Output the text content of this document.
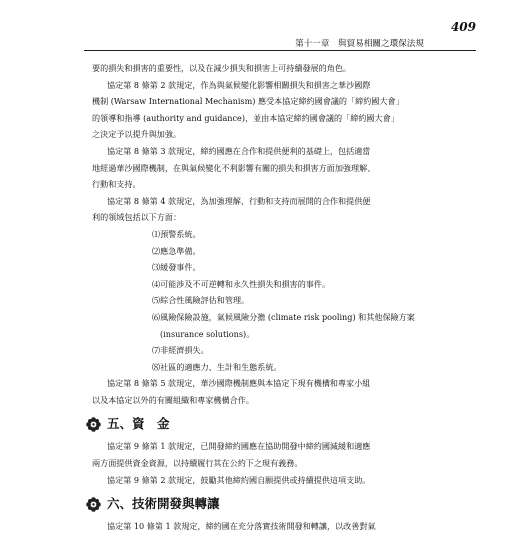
409
第十一章　與貿易相關之環保法規

要的損失和損害的重要性，以及在減少損失和損害上可持續發展的角色。

協定第 8 條第 2 款規定，作為與氣候變化影響相關損失和損害之華沙國際

機制 (Warsaw International Mechanism) 應受本協定締約國會議的「締約國大會」

的領導和指導 (authority and guidance)，並由本協定締約國會議的「締約國大會」

之決定予以提升與加強。

協定第 8 條第 3 款規定，締約國應在合作和提供便利的基礎上，包括適當

地經過華沙國際機制，在與氣候變化不利影響有關的損失和損害方面加強理解、

行動和支持。

協定第 8 條第 4 款規定，為加強理解、行動和支持而展開的合作和提供便

利的領域包括以下方面：

⑴預警系統。

⑵應急準備。

⑶緩發事件。

⑷可能涉及不可逆轉和永久性損失和損害的事件。

⑸綜合性風險評估和管理。

⑹風險保險設施，氣候風險分擔 (climate risk pooling) 和其他保險方案

(insurance solutions)。

⑺非經濟損失。

⑻社區的適應力、生計和生態系統。

協定第 8 條第 5 款規定，華沙國際機制應與本協定下現有機構和專家小組

以及本協定以外的有關組織和專家機構合作。

五、資　金

協定第 9 條第 1 款規定，已開發締約國應在協助開發中締約國減緩和適應

兩方面提供資金資源，以持續履行其在公約下之現有義務。

協定第 9 條第 2 款規定，鼓勵其他締約國自願提供或持續提供這項支助。

六、技術開發與轉讓

協定第 10 條第 1 款規定，締約國在充分落實技術開發和轉讓，以改善對氣
